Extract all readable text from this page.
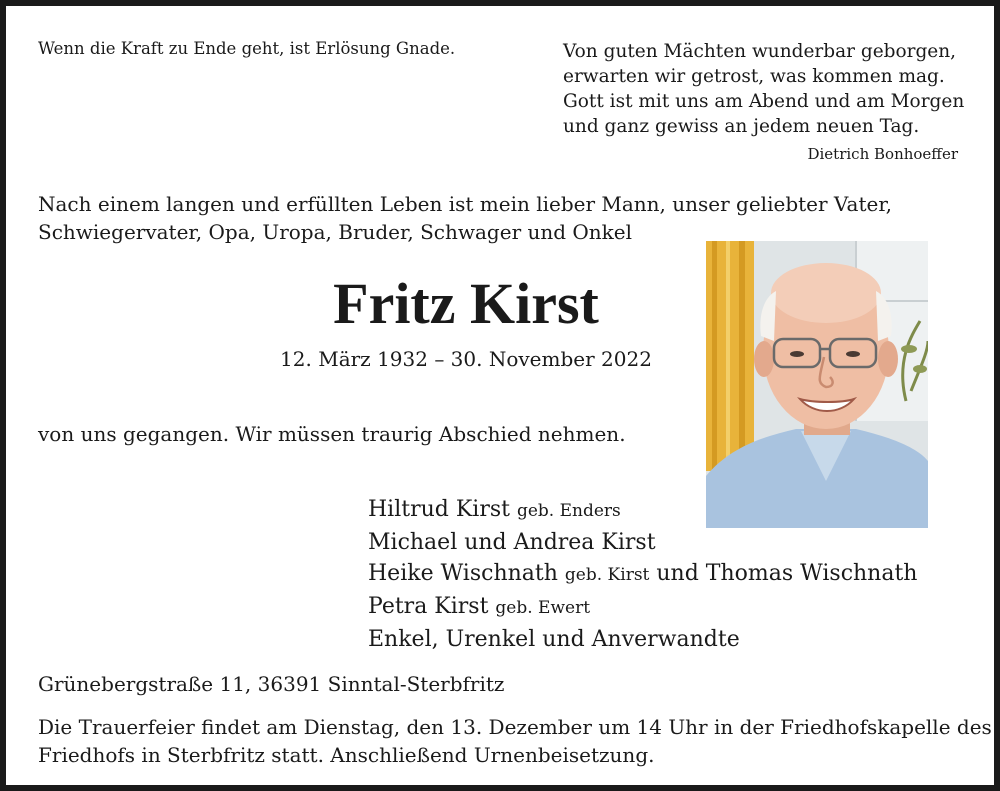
Wenn die Kraft zu Ende geht, ist Erlösung Gnade.	Von guten Mächten wunderbar geborgen,
erwarten wir getrost, was kommen mag.
Gott ist mit uns am Abend und am Morgen
und ganz gewiss an jedem neuen Tag.

Dietrich Bonhoeffer

Nach einem langen und erfüllten Leben ist mein lieber Mann, unser geliebter Vater,
Schwiegervater, Opa, Uropa, Bruder, Schwager und Onkel
Fritz Kirst

12. März 1932 – 30. November 2022

von uns gegangen. Wir müssen traurig Abschied nehmen.

Hiltrud Kirst geb. Enders
Michael und Andrea Kirst
Heike Wischnath geb. Kirst und Thomas Wischnath
Petra Kirst geb. Ewert
Enkel, Urenkel und Anverwandte

Grünebergstraße 11, 36391 Sinntal-Sterbfritz

Die Trauerfeier findet am Dienstag, den 13. Dezember um 14 Uhr in der Friedhofskapelle des
Friedhofs in Sterbfritz statt. Anschließend Urnenbeisetzung.
